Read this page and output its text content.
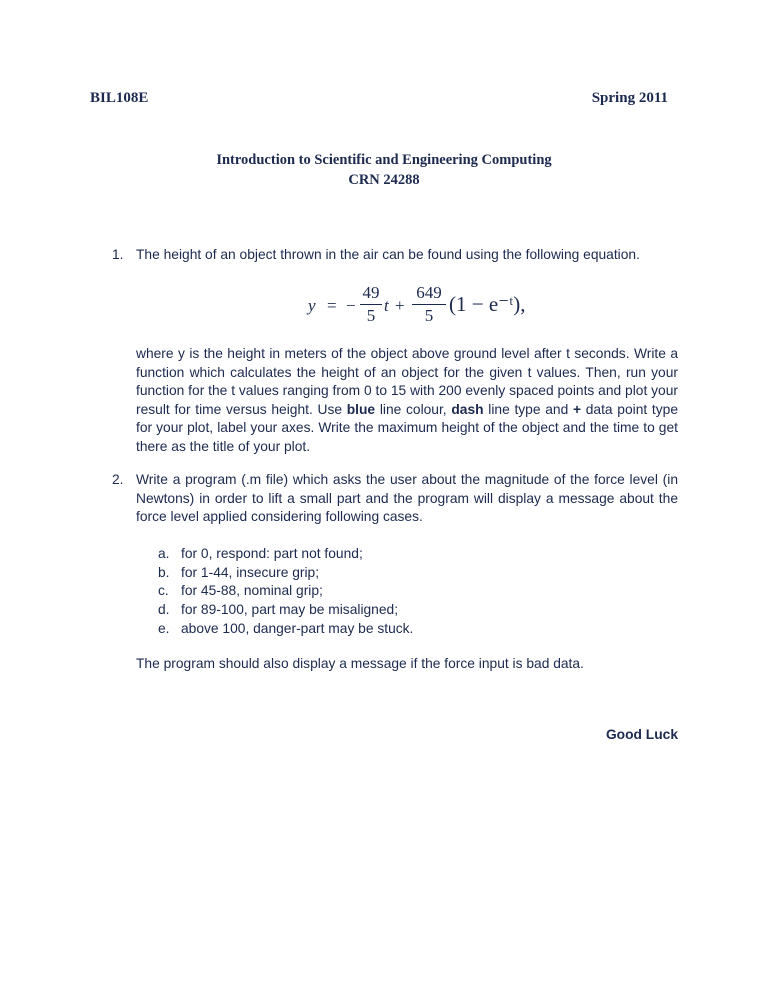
BIL108E	Spring 2011
Introduction to Scientific and Engineering Computing
CRN 24288
1. The height of an object thrown in the air can be found using the following equation.
y = −
49
5
t +
649
5 (1 − e⁻ᵗ),
where y is the height in meters of the object above ground level after t seconds. Write a function which calculates the height of an object for the given t values. Then, run your function for the t values ranging from 0 to 15 with 200 evenly spaced points and plot your result for time versus height. Use blue line colour, dash line type and + data point type for your plot, label your axes. Write the maximum height of the object and the time to get there as the title of your plot.
2. Write a program (.m file) which asks the user about the magnitude of the force level (in Newtons) in order to lift a small part and the program will display a message about the force level applied considering following cases.
a. for 0, respond: part not found;
b. for 1-44, insecure grip;
c. for 45-88, nominal grip;
d. for 89-100, part may be misaligned;
e. above 100, danger-part may be stuck.
The program should also display a message if the force input is bad data.
Good Luck
